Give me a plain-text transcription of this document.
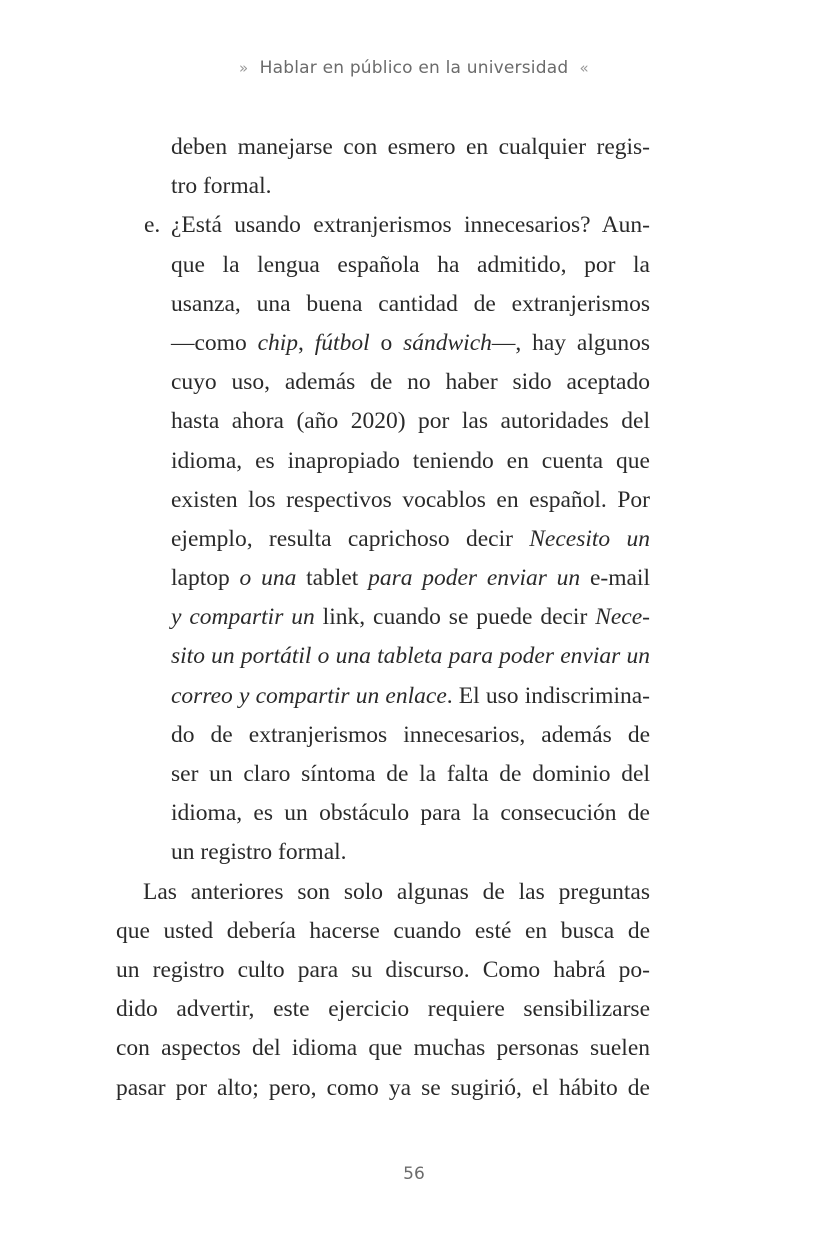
» Hablar en público en la universidad «
deben manejarse con esmero en cualquier regis-
tro formal.
e. ¿Está usando extranjerismos innecesarios? Aun-
que la lengua española ha admitido, por la
usanza, una buena cantidad de extranjerismos
—como chip, fútbol o sándwich—, hay algunos
cuyo uso, además de no haber sido aceptado
hasta ahora (año 2020) por las autoridades del
idioma, es inapropiado teniendo en cuenta que
existen los respectivos vocablos en español. Por
ejemplo, resulta caprichoso decir Necesito un
laptop o una tablet para poder enviar un e-mail
y compartir un link, cuando se puede decir Nece-
sito un portátil o una tableta para poder enviar un
correo y compartir un enlace. El uso indiscrimina-
do de extranjerismos innecesarios, además de
ser un claro síntoma de la falta de dominio del
idioma, es un obstáculo para la consecución de
un registro formal.
Las anteriores son solo algunas de las preguntas
que usted debería hacerse cuando esté en busca de
un registro culto para su discurso. Como habrá po-
dido advertir, este ejercicio requiere sensibilizarse
con aspectos del idioma que muchas personas suelen
pasar por alto; pero, como ya se sugirió, el hábito de
56
